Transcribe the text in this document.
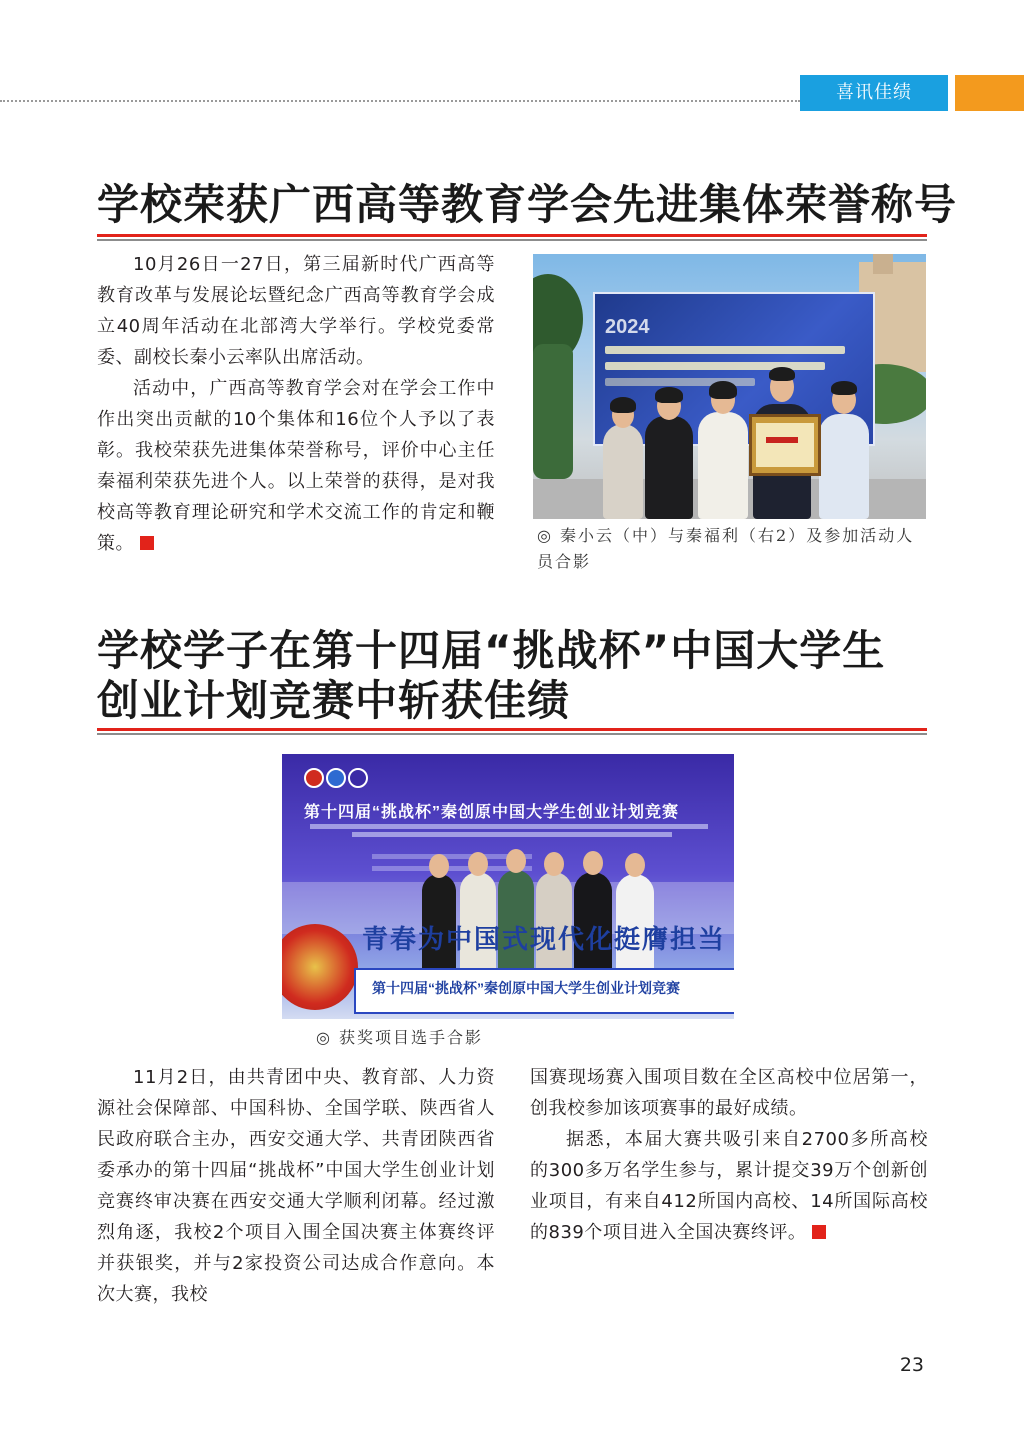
喜讯佳绩
学校荣获广西高等教育学会先进集体荣誉称号

10月26日一27日，第三届新时代广西高等教育改革与发展论坛暨纪念广西高等教育学会成立40周年活动在北部湾大学举行。学校党委常委、副校长秦小云率队出席活动。

活动中，广西高等教育学会对在学会工作中作出突出贡献的10个集体和16位个人予以了表彰。我校荣获先进集体荣誉称号，评价中心主任秦福利荣获先进个人。以上荣誉的获得，是对我校高等教育理论研究和学术交流工作的肯定和鞭策。

2024
◎ 秦小云（中）与秦福利（右2）及参加活动人员合影
学校学子在第十四届“挑战杯”中国大学生
创业计划竞赛中斩获佳绩
第十四届“挑战杯”秦创原中国大学生创业计划竞赛
青春为中国式现代化挺膺担当
第十四届“挑战杯”秦创原中国大学生创业计划竞赛
◎ 获奖项目选手合影

11月2日，由共青团中央、教育部、人力资源社会保障部、中国科协、全国学联、陕西省人民政府联合主办，西安交通大学、共青团陕西省委承办的第十四届“挑战杯”中国大学生创业计划竞赛终审决赛在西安交通大学顺利闭幕。经过激烈角逐，我校2个项目入围全国决赛主体赛终评并获银奖，并与2家投资公司达成合作意向。本次大赛，我校

国赛现场赛入围项目数在全区高校中位居第一，创我校参加该项赛事的最好成绩。

据悉，本届大赛共吸引来自2700多所高校的300多万名学生参与，累计提交39万个创新创业项目，有来自412所国内高校、14所国际高校的839个项目进入全国决赛终评。

23
